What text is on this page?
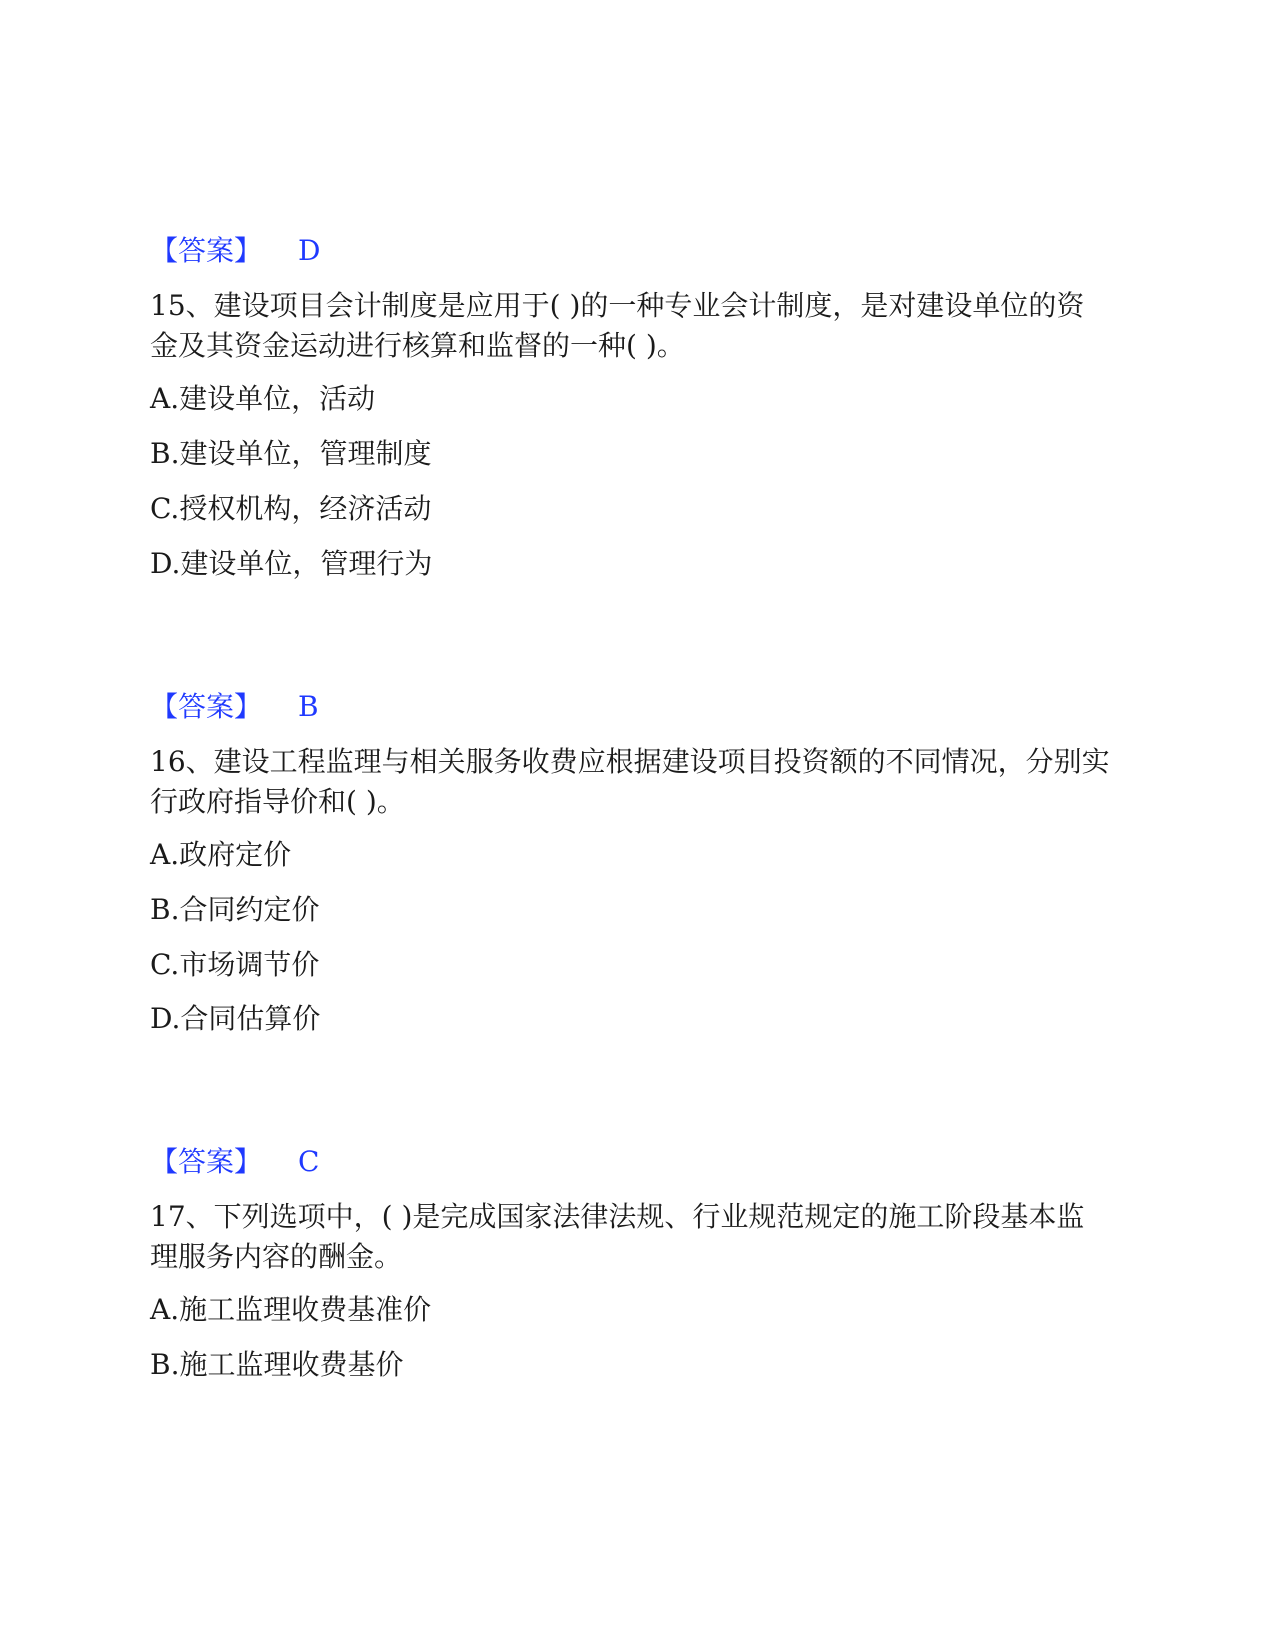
【答案】 D
15、建设项目会计制度是应用于( )的一种专业会计制度，是对建设单位的资金及其资金运动进行核算和监督的一种( )。
A.建设单位，活动
B.建设单位，管理制度
C.授权机构，经济活动
D.建设单位，管理行为
【答案】 B
16、建设工程监理与相关服务收费应根据建设项目投资额的不同情况，分别实行政府指导价和( )。
A.政府定价
B.合同约定价
C.市场调节价
D.合同估算价
【答案】 C
17、下列选项中，( )是完成国家法律法规、行业规范规定的施工阶段基本监理服务内容的酬金。
A.施工监理收费基准价
B.施工监理收费基价
